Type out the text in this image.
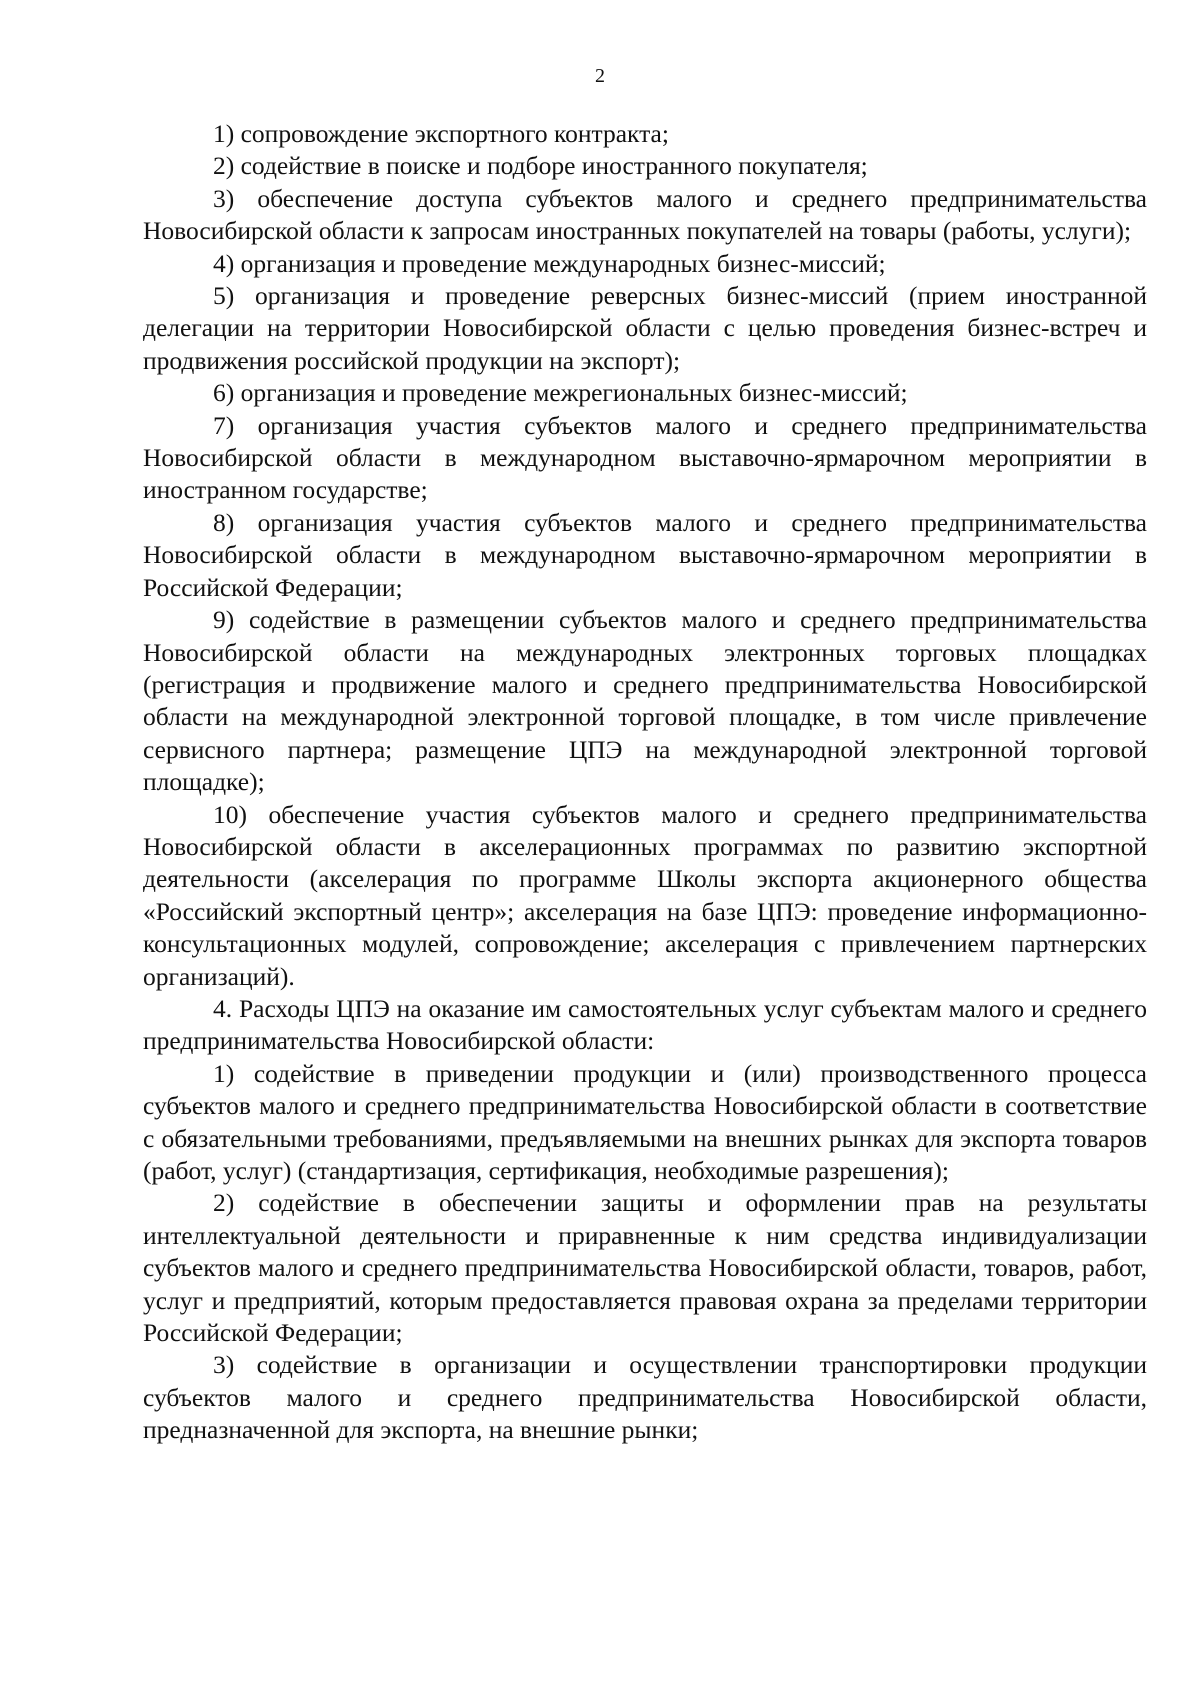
2

1) сопровождение экспортного контракта;

2) содействие в поиске и подборе иностранного покупателя;

3) обеспечение доступа субъектов малого и среднего предпринимательства Новосибирской области к запросам иностранных покупателей на товары (работы, услуги);

4) организация и проведение международных бизнес-миссий;

5) организация и проведение реверсных бизнес-миссий (прием иностранной делегации на территории Новосибирской области с целью проведения бизнес-встреч и продвижения российской продукции на экспорт);

6) организация и проведение межрегиональных бизнес-миссий;

7) организация участия субъектов малого и среднего предпринимательства Новосибирской области в международном выставочно-ярмарочном мероприятии в иностранном государстве;

8) организация участия субъектов малого и среднего предпринимательства Новосибирской области в международном выставочно-ярмарочном мероприятии в Российской Федерации;

9) содействие в размещении субъектов малого и среднего предпринимательства Новосибирской области на международных электронных торговых площадках (регистрация и продвижение малого и среднего предпринимательства Новосибирской области на международной электронной торговой площадке, в том числе привлечение сервисного партнера; размещение ЦПЭ на международной электронной торговой площадке);

10) обеспечение участия субъектов малого и среднего предпринимательства Новосибирской области в акселерационных программах по развитию экспортной деятельности (акселерация по программе Школы экспорта акционерного общества «Российский экспортный центр»; акселерация на базе ЦПЭ: проведение информационно-консультационных модулей, сопровождение; акселерация с привлечением партнерских организаций).

4. Расходы ЦПЭ на оказание им самостоятельных услуг субъектам малого и среднего предпринимательства Новосибирской области:

1) содействие в приведении продукции и (или) производственного процесса субъектов малого и среднего предпринимательства Новосибирской области в соответствие с обязательными требованиями, предъявляемыми на внешних рынках для экспорта товаров (работ, услуг) (стандартизация, сертификация, необходимые разрешения);

2) содействие в обеспечении защиты и оформлении прав на результаты интеллектуальной деятельности и приравненные к ним средства индивидуализации субъектов малого и среднего предпринимательства Новосибирской области, товаров, работ, услуг и предприятий, которым предоставляется правовая охрана за пределами территории Российской Федерации;

3) содействие в организации и осуществлении транспортировки продукции субъектов малого и среднего предпринимательства Новосибирской области, предназначенной для экспорта, на внешние рынки;
